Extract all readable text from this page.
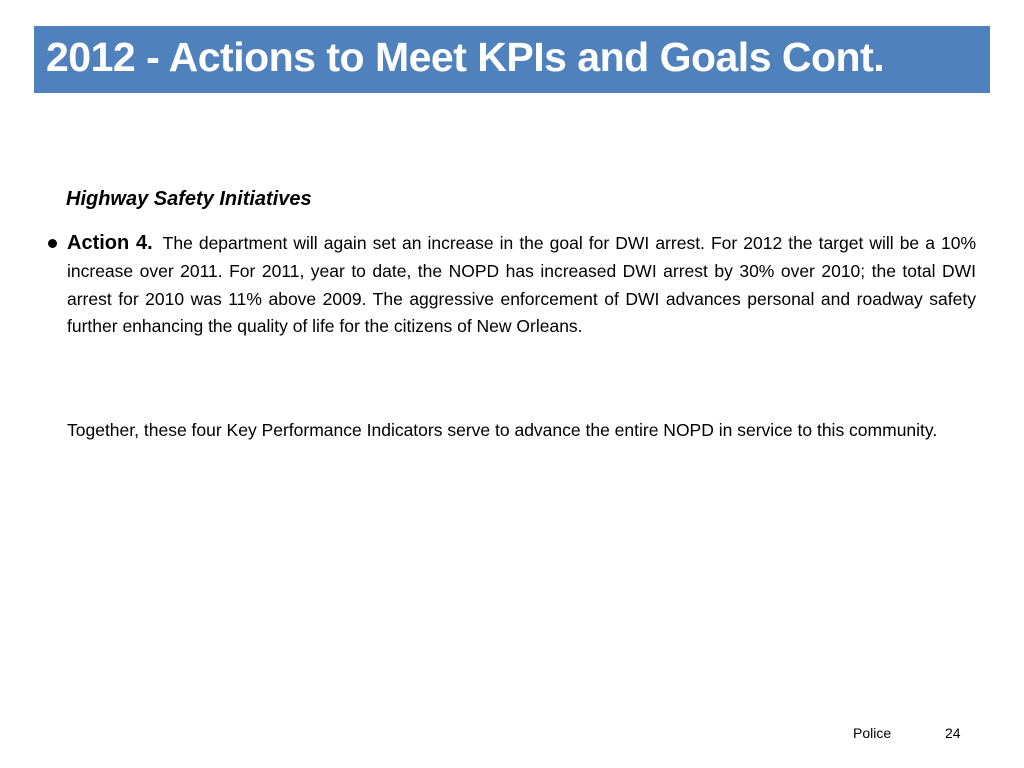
2012 - Actions to Meet KPIs and Goals Cont.
Highway Safety Initiatives
Action 4. The department will again set an increase in the goal for DWI arrest. For 2012 the target will be a 10% increase over 2011. For 2011, year to date, the NOPD has increased DWI arrest by 30% over 2010; the total DWI arrest for 2010 was 11% above 2009. The aggressive enforcement of DWI advances personal and roadway safety further enhancing the quality of life for the citizens of New Orleans.
Together, these four Key Performance Indicators serve to advance the entire NOPD in service to this community.
Police	24
